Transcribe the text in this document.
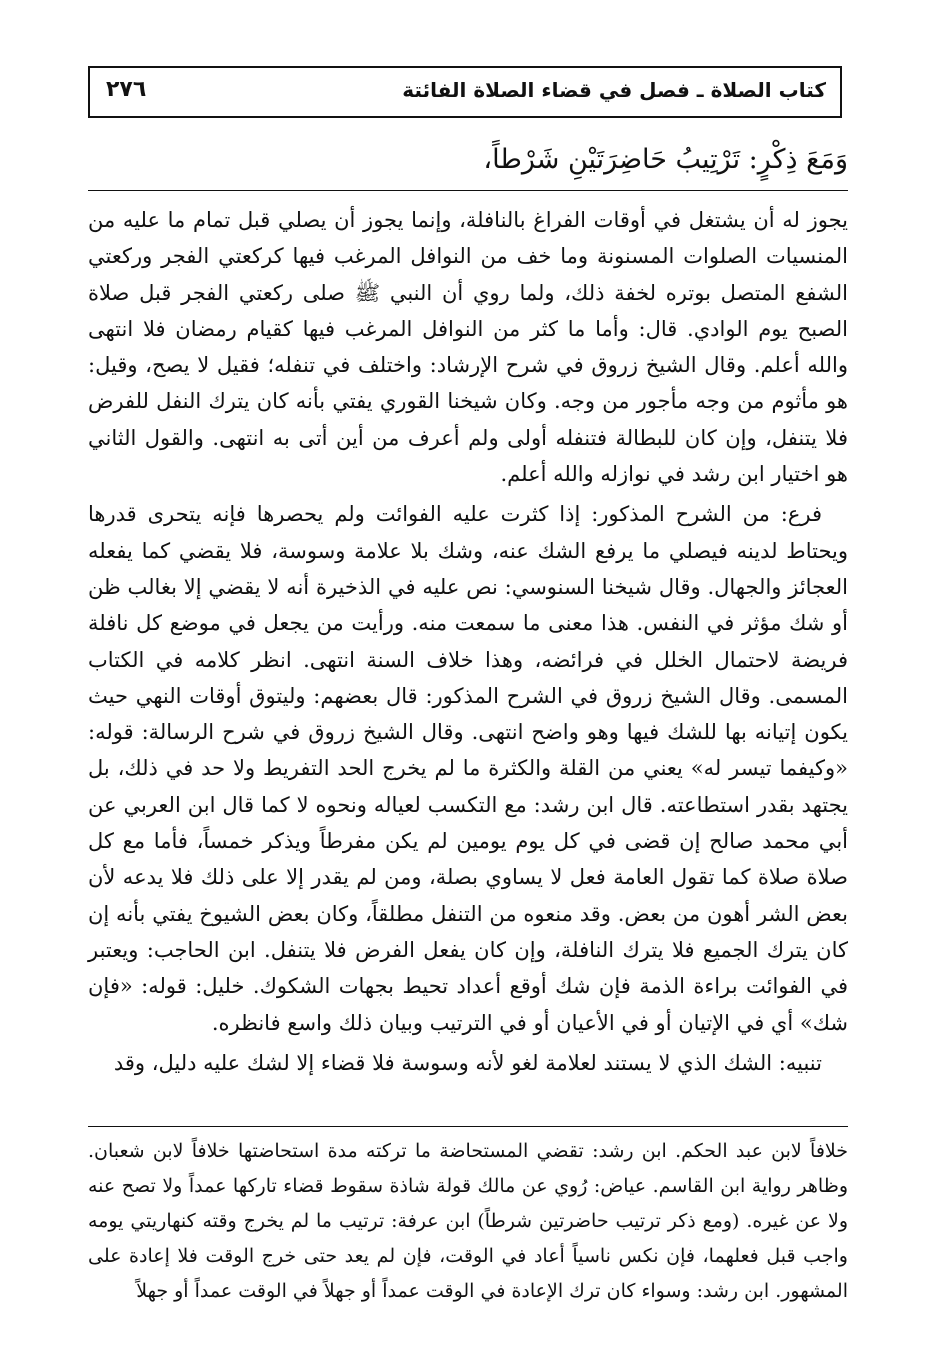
كتاب الصلاة ـ فصل في قضاء الصلاة الفائتة
٢٧٦
وَمَعَ ذِكْرٍ: تَرْتِيبُ حَاضِرَتَيْنِ شَرْطاً،

يجوز له أن يشتغل في أوقات الفراغ بالنافلة، وإنما يجوز أن يصلي قبل تمام ما عليه من المنسيات الصلوات المسنونة وما خف من النوافل المرغب فيها كركعتي الفجر وركعتي الشفع المتصل بوتره لخفة ذلك، ولما روي أن النبي ﷺ صلى ركعتي الفجر قبل صلاة الصبح يوم الوادي. قال: وأما ما كثر من النوافل المرغب فيها كقيام رمضان فلا انتهى والله أعلم. وقال الشيخ زروق في شرح الإرشاد: واختلف في تنفله؛ فقيل لا يصح، وقيل: هو مأثوم من وجه مأجور من وجه. وكان شيخنا القوري يفتي بأنه كان يترك النفل للفرض فلا يتنفل، وإن كان للبطالة فتنفله أولى ولم أعرف من أين أتى به انتهى. والقول الثاني هو اختيار ابن رشد في نوازله والله أعلم.

فرع: من الشرح المذكور: إذا كثرت عليه الفوائت ولم يحصرها فإنه يتحرى قدرها ويحتاط لدينه فيصلي ما يرفع الشك عنه، وشك بلا علامة وسوسة، فلا يقضي كما يفعله العجائز والجهال. وقال شيخنا السنوسي: نص عليه في الذخيرة أنه لا يقضي إلا بغالب ظن أو شك مؤثر في النفس. هذا معنى ما سمعت منه. ورأيت من يجعل في موضع كل نافلة فريضة لاحتمال الخلل في فرائضه، وهذا خلاف السنة انتهى. انظر كلامه في الكتاب المسمى. وقال الشيخ زروق في الشرح المذكور: قال بعضهم: وليتوق أوقات النهي حيث يكون إتيانه بها للشك فيها وهو واضح انتهى. وقال الشيخ زروق في شرح الرسالة: قوله: «وكيفما تيسر له» يعني من القلة والكثرة ما لم يخرج الحد التفريط ولا حد في ذلك، بل يجتهد بقدر استطاعته. قال ابن رشد: مع التكسب لعياله ونحوه لا كما قال ابن العربي عن أبي محمد صالح إن قضى في كل يوم يومين لم يكن مفرطاً ويذكر خمساً، فأما مع كل صلاة صلاة كما تقول العامة فعل لا يساوي بصلة، ومن لم يقدر إلا على ذلك فلا يدعه لأن بعض الشر أهون من بعض. وقد منعوه من التنفل مطلقاً، وكان بعض الشيوخ يفتي بأنه إن كان يترك الجميع فلا يترك النافلة، وإن كان يفعل الفرض فلا يتنفل. ابن الحاجب: ويعتبر في الفوائت براءة الذمة فإن شك أوقع أعداد تحيط بجهات الشكوك. خليل: قوله: «فإن شك» أي في الإتيان أو في الأعيان أو في الترتيب وبيان ذلك واسع فانظره.

تنبيه: الشك الذي لا يستند لعلامة لغو لأنه وسوسة فلا قضاء إلا لشك عليه دليل، وقد

خلافاً لابن عبد الحكم. ابن رشد: تقضي المستحاضة ما تركته مدة استحاضتها خلافاً لابن شعبان. وظاهر رواية ابن القاسم. عياض: رُوي عن مالك قولة شاذة سقوط قضاء تاركها عمداً ولا تصح عنه ولا عن غيره. (ومع ذكر ترتيب حاضرتين شرطاً) ابن عرفة: ترتيب ما لم يخرج وقته كنهاريتي يومه واجب قبل فعلهما، فإن نكس ناسياً أعاد في الوقت، فإن لم يعد حتى خرج الوقت فلا إعادة على المشهور. ابن رشد: وسواء كان ترك الإعادة في الوقت عمداً أو جهلاً في الوقت عمداً أو جهلاً
